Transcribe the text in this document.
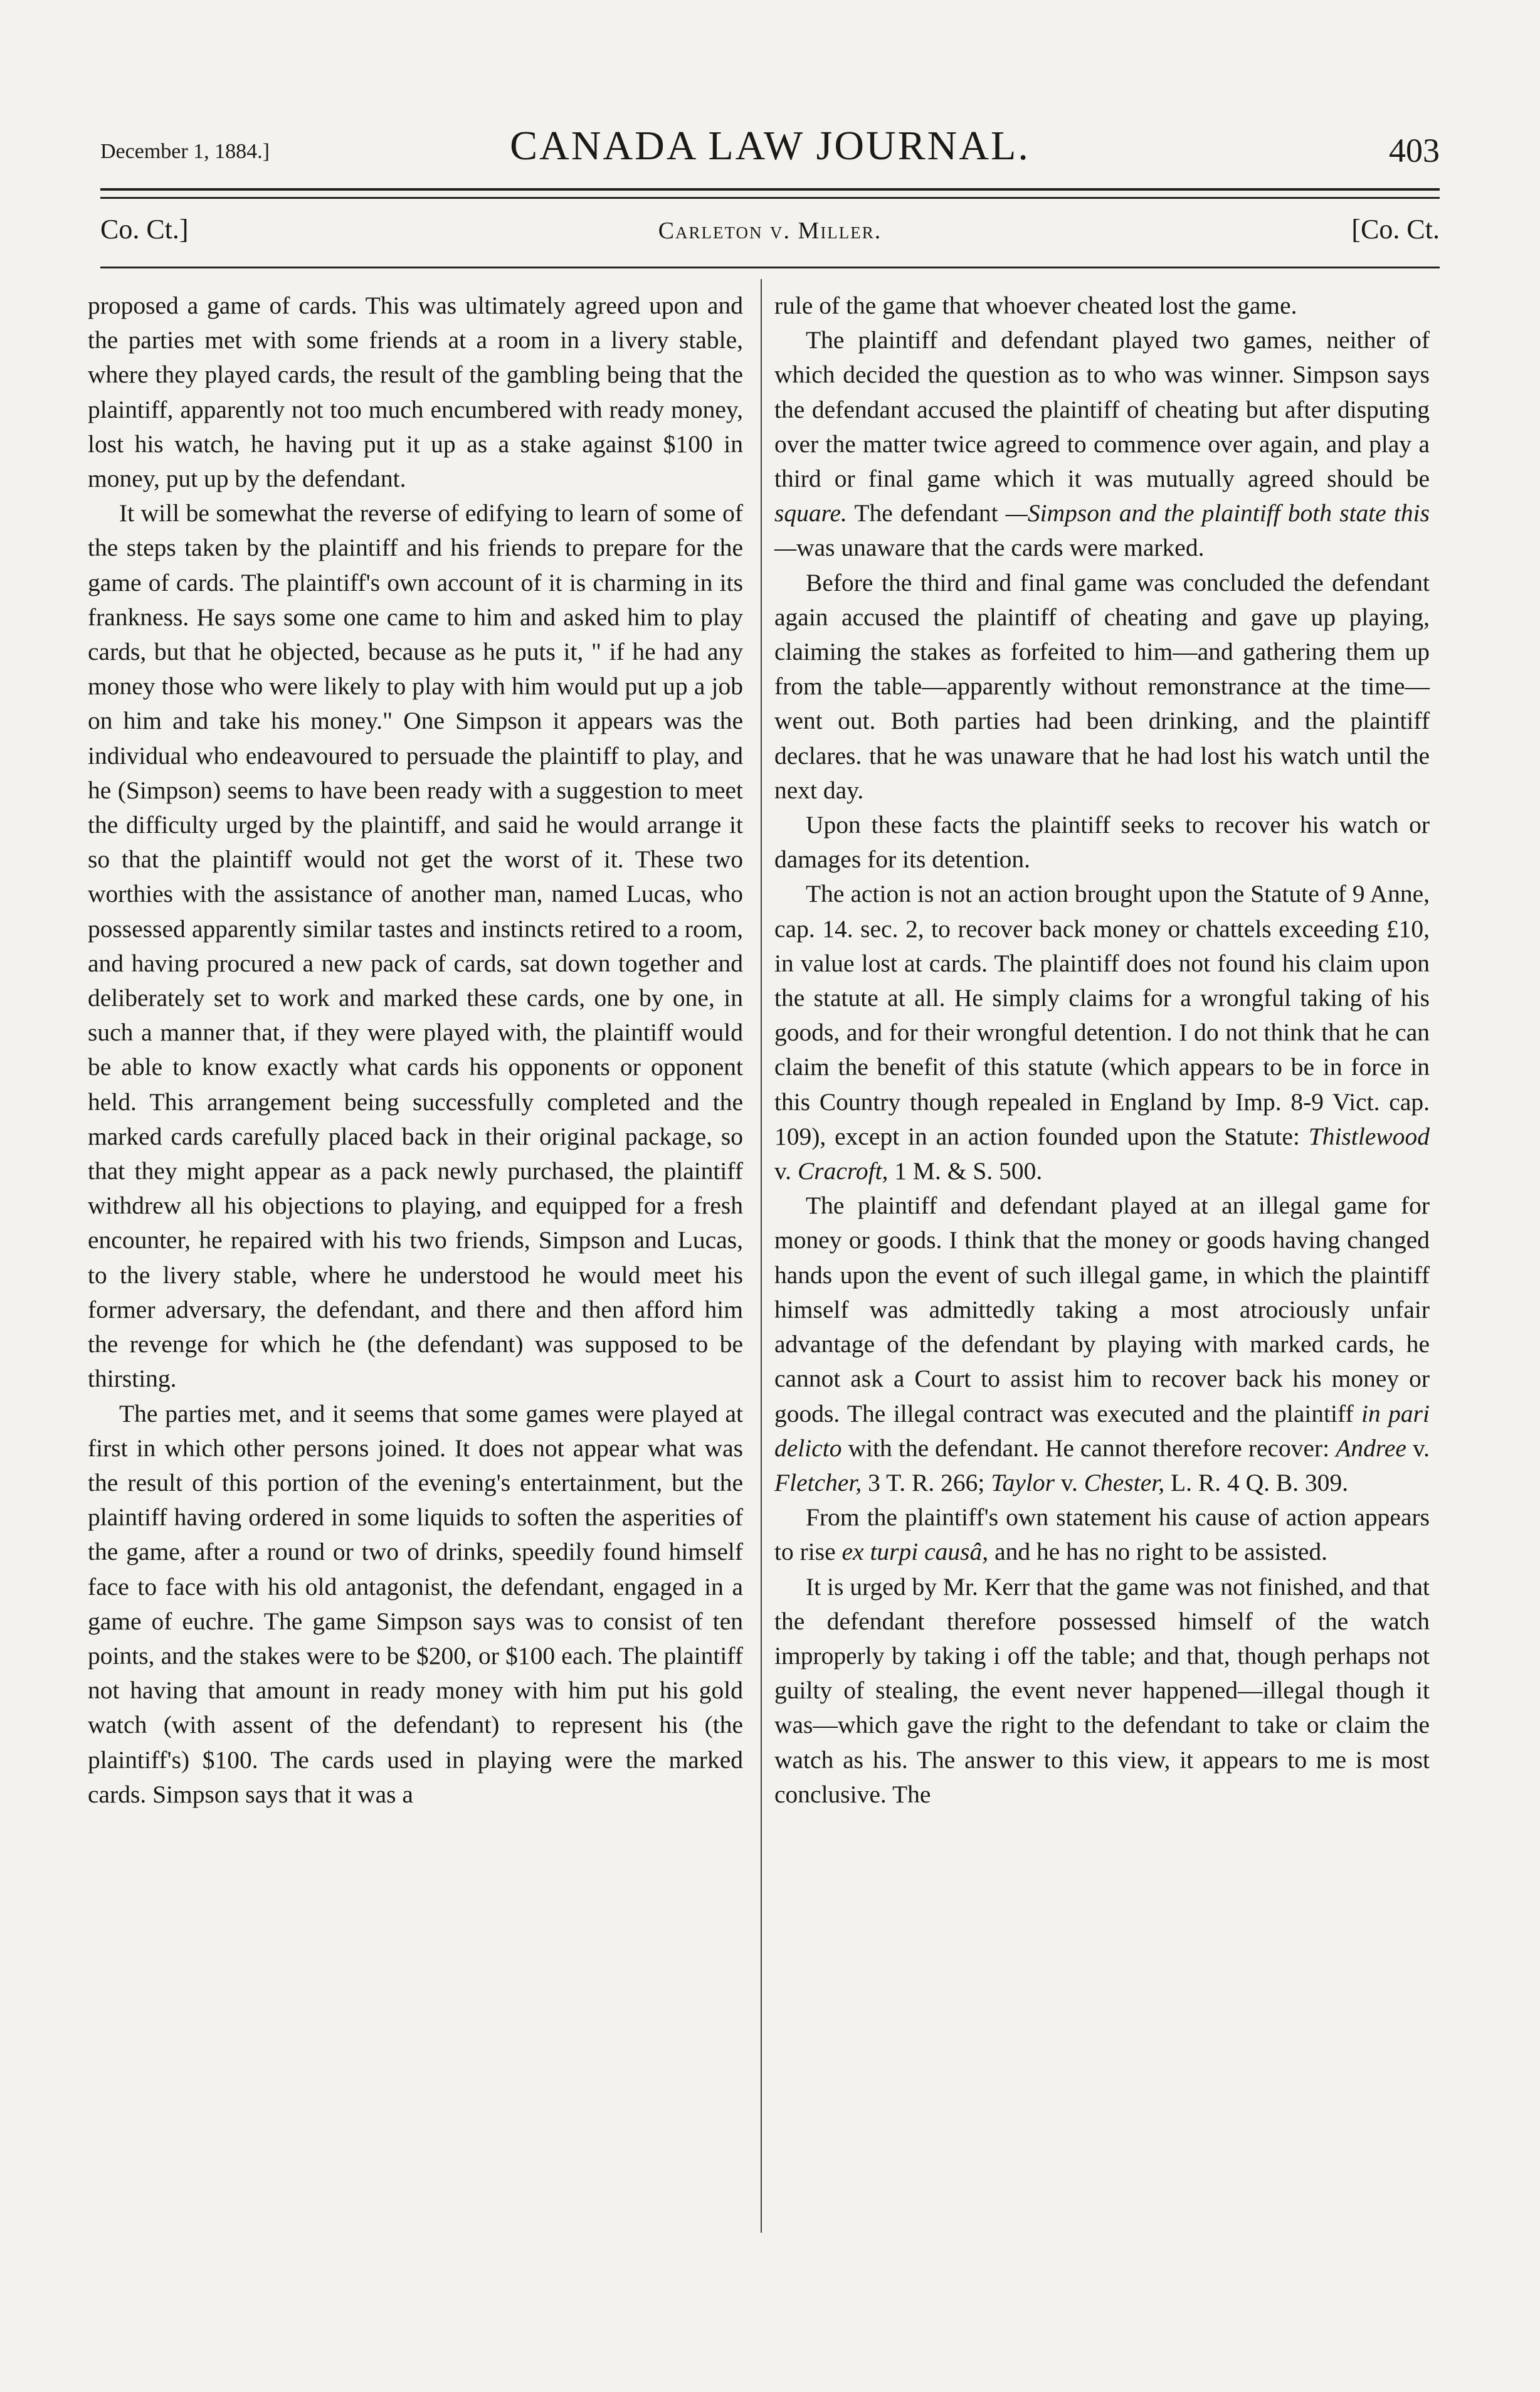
December 1, 1884.]	CANADA LAW JOURNAL.	403
Co. Ct.]	Carleton v. Miller.	[Co. Ct.

proposed a game of cards. This was ultimately agreed upon and the parties met with some friends at a room in a livery stable, where they played cards, the result of the gambling being that the plaintiff, apparently not too much encumbered with ready money, lost his watch, he having put it up as a stake against $100 in money, put up by the defendant.

It will be somewhat the reverse of edifying to learn of some of the steps taken by the plaintiff and his friends to prepare for the game of cards. The plaintiff's own account of it is charming in its frankness. He says some one came to him and asked him to play cards, but that he objected, because as he puts it, " if he had any money those who were likely to play with him would put up a job on him and take his money." One Simpson it appears was the individual who endeavoured to persuade the plaintiff to play, and he (Simpson) seems to have been ready with a suggestion to meet the difficulty urged by the plaintiff, and said he would arrange it so that the plaintiff would not get the worst of it. These two worthies with the assistance of another man, named Lucas, who possessed apparently similar tastes and instincts retired to a room, and having procured a new pack of cards, sat down together and deliberately set to work and marked these cards, one by one, in such a manner that, if they were played with, the plaintiff would be able to know exactly what cards his opponents or opponent held. This arrangement being successfully completed and the marked cards carefully placed back in their original package, so that they might appear as a pack newly purchased, the plaintiff withdrew all his objections to playing, and equipped for a fresh encounter, he repaired with his two friends, Simpson and Lucas, to the livery stable, where he understood he would meet his former adversary, the defendant, and there and then afford him the revenge for which he (the defendant) was supposed to be thirsting.

The parties met, and it seems that some games were played at first in which other persons joined. It does not appear what was the result of this portion of the evening's entertainment, but the plaintiff having ordered in some liquids to soften the asperities of the game, after a round or two of drinks, speedily found himself face to face with his old antagonist, the defendant, engaged in a game of euchre. The game Simpson says was to consist of ten points, and the stakes were to be $200, or $100 each. The plaintiff not having that amount in ready money with him put his gold watch (with assent of the defendant) to represent his (the plaintiff's) $100. The cards used in playing were the marked cards. Simpson says that it was a

rule of the game that whoever cheated lost the game.

The plaintiff and defendant played two games, neither of which decided the question as to who was winner. Simpson says the defendant accused the plaintiff of cheating but after disputing over the matter twice agreed to commence over again, and play a third or final game which it was mutually agreed should be square. The defendant —Simpson and the plaintiff both state this—was unaware that the cards were marked.

Before the third and final game was concluded the defendant again accused the plaintiff of cheating and gave up playing, claiming the stakes as forfeited to him—and gathering them up from the table—apparently without remonstrance at the time—went out. Both parties had been drinking, and the plaintiff declares. that he was unaware that he had lost his watch until the next day.

Upon these facts the plaintiff seeks to recover his watch or damages for its detention.

The action is not an action brought upon the Statute of 9 Anne, cap. 14. sec. 2, to recover back money or chattels exceeding £10, in value lost at cards. The plaintiff does not found his claim upon the statute at all. He simply claims for a wrongful taking of his goods, and for their wrongful detention. I do not think that he can claim the benefit of this statute (which appears to be in force in this Country though repealed in England by Imp. 8-9 Vict. cap. 109), except in an action founded upon the Statute: Thistlewood v. Cracroft, 1 M. & S. 500.

The plaintiff and defendant played at an illegal game for money or goods. I think that the money or goods having changed hands upon the event of such illegal game, in which the plaintiff himself was admittedly taking a most atrociously unfair advantage of the defendant by playing with marked cards, he cannot ask a Court to assist him to recover back his money or goods. The illegal contract was executed and the plaintiff in pari delicto with the defendant. He cannot therefore recover: Andree v. Fletcher, 3 T. R. 266; Taylor v. Chester, L. R. 4 Q. B. 309.

From the plaintiff's own statement his cause of action appears to rise ex turpi causâ, and he has no right to be assisted.

It is urged by Mr. Kerr that the game was not finished, and that the defendant therefore possessed himself of the watch improperly by taking i off the table; and that, though perhaps not guilty of stealing, the event never happened—illegal though it was—which gave the right to the defendant to take or claim the watch as his. The answer to this view, it appears to me is most conclusive. The
